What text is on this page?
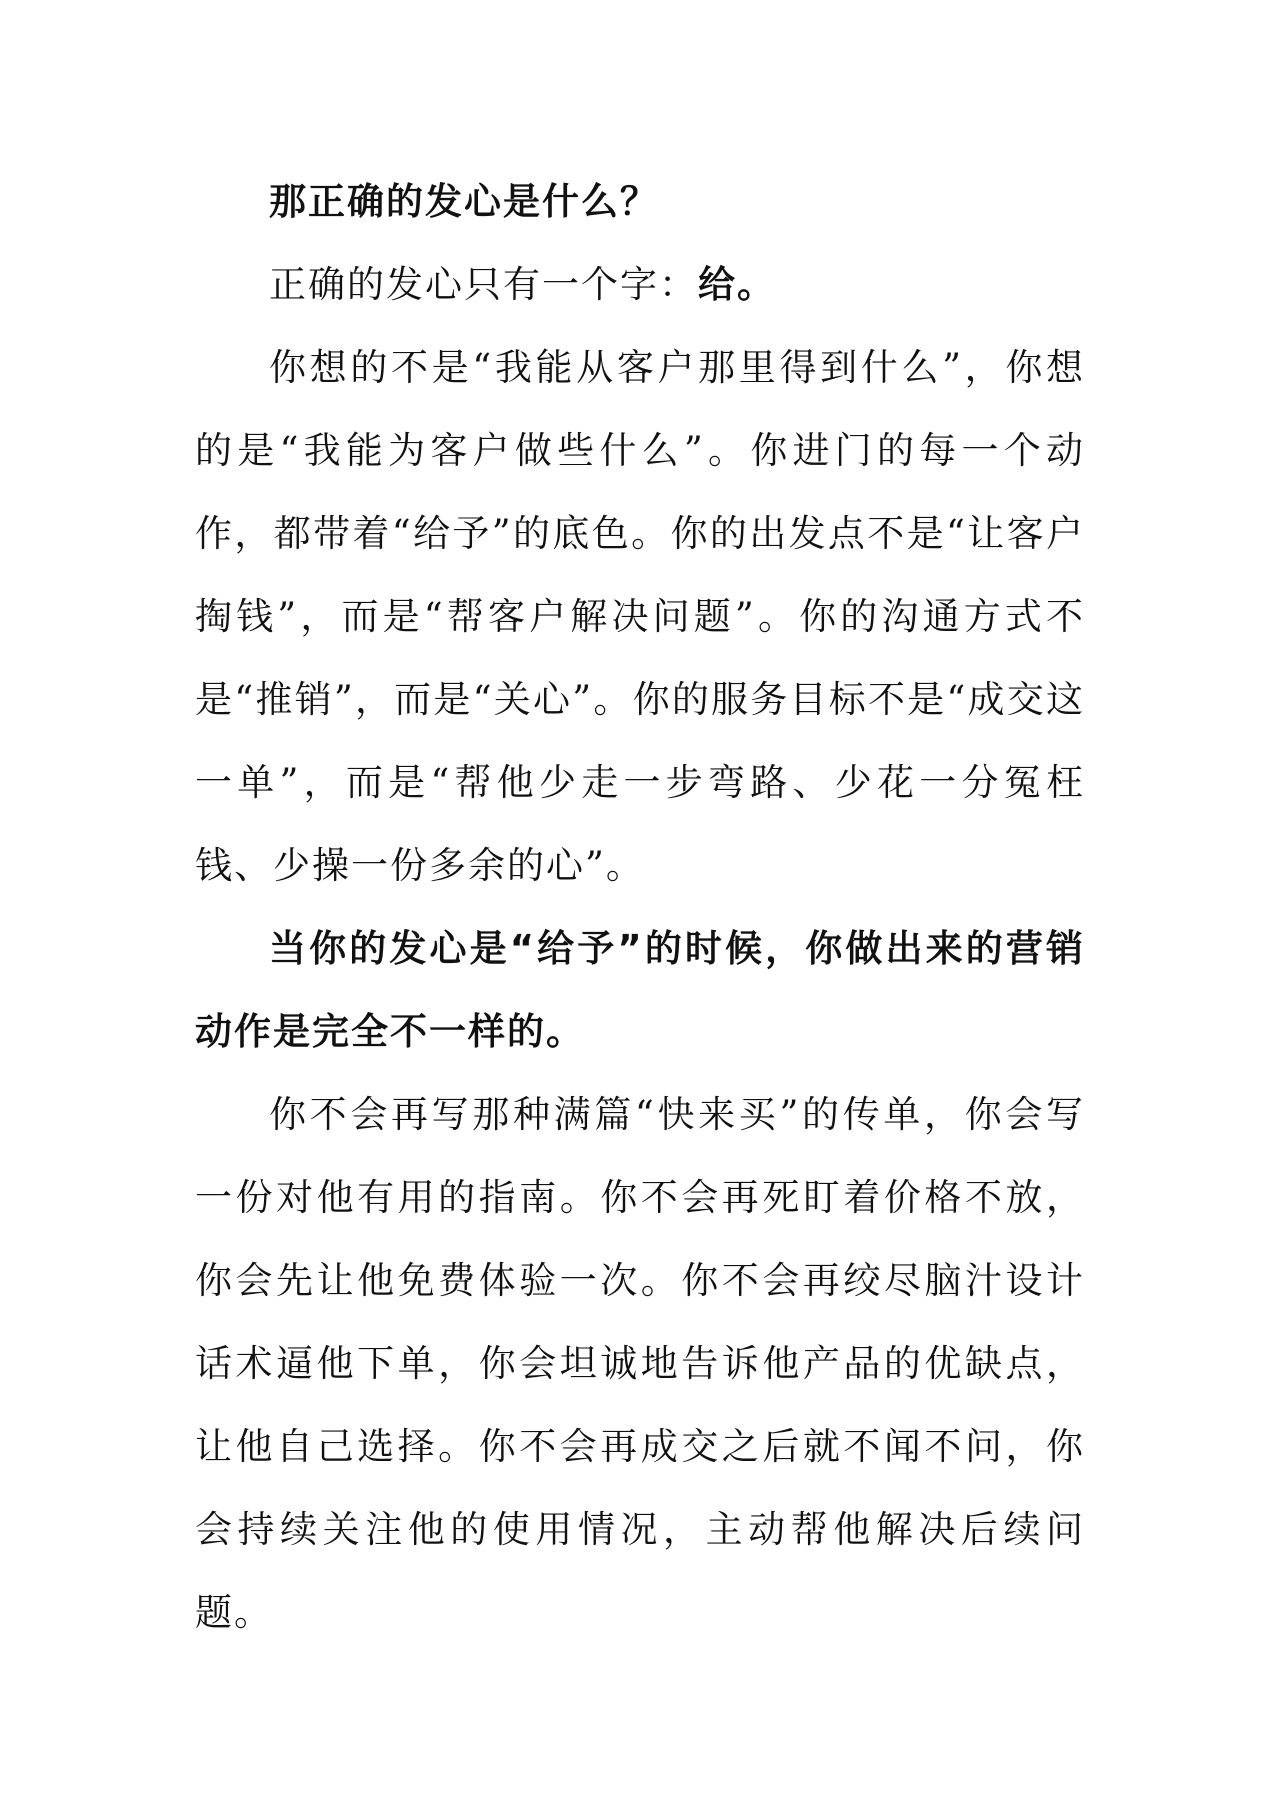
那正确的发心是什么？

正确的发心只有一个字：给。

你想的不是“我能从客户那里得到什么”，你想的是“我能为客户做些什么”。你进门的每一个动作，都带着“给予”的底色。你的出发点不是“让客户掏钱”，而是“帮客户解决问题”。你的沟通方式不是“推销”，而是“关心”。你的服务目标不是“成交这一单”，而是“帮他少走一步弯路、少花一分冤枉钱、少操一份多余的心”。

当你的发心是“给予”的时候，你做出来的营销动作是完全不一样的。

你不会再写那种满篇“快来买”的传单，你会写一份对他有用的指南。你不会再死盯着价格不放，你会先让他免费体验一次。你不会再绞尽脑汁设计话术逼他下单，你会坦诚地告诉他产品的优缺点，让他自己选择。你不会再成交之后就不闻不问，你会持续关注他的使用情况，主动帮他解决后续问题。
